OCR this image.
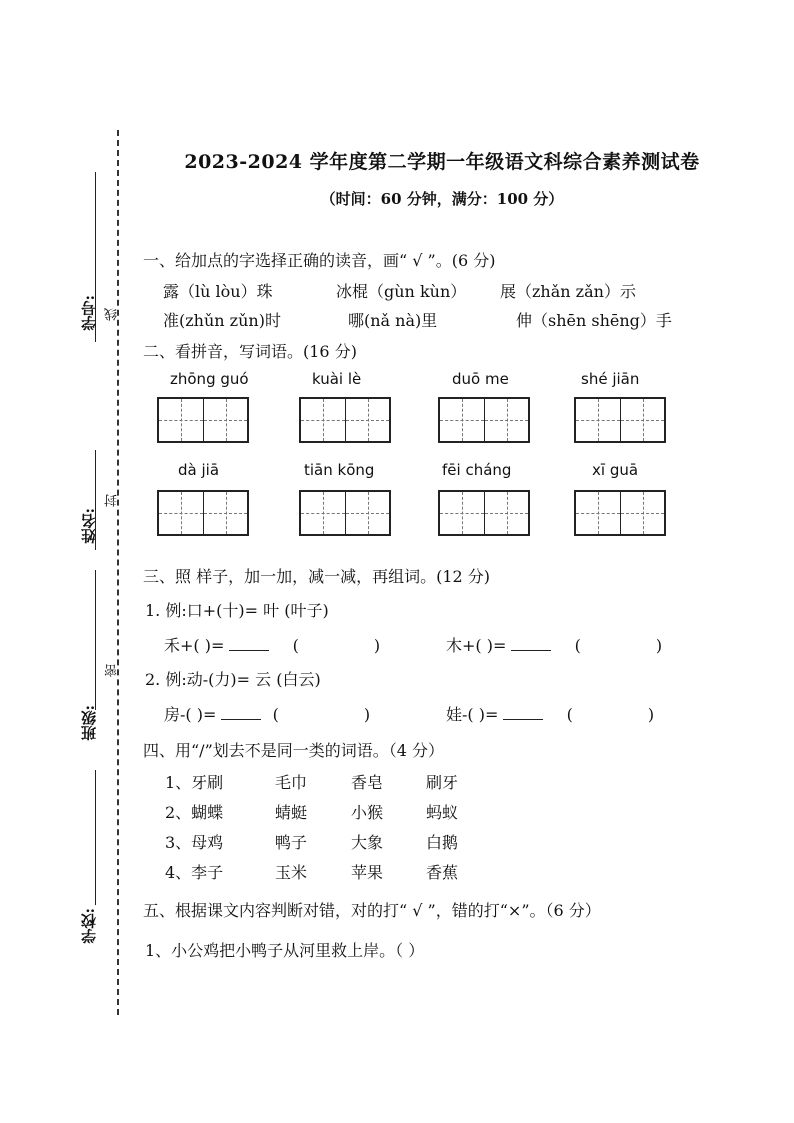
学号: 线
姓名:
封
班级:
密
学校:
2023-2024 学年度第二学期一年级语文科综合素养测试卷
（时间：60 分钟，满分：100 分）
一、给加点的字选择正确的读音，画“ √ ”。(6 分)
露（lù lòu）珠	冰棍（gùn kùn） 展（zhǎn zǎn）示
准(zhǔn zǔn)时	哪(nǎ nà)里	伸（shēn shēng）手
二、看拼音，写词语。(16 分)
zhōng guó	kuài lè	duō me	shé jiān
dà jiā	tiān kōng	fēi cháng	xī guā
三、照 样子，加一加，减一减，再组词。(12 分)
1. 例:口+(十)= 叶 (叶子)
禾+( )=	(	)	木+( )=	(	)
2. 例:动-(力)= 云 (白云)
房-( )=	(	)	娃-( )=	(	)
四、用“/”划去不是同一类的词语。（4 分）
1、牙刷	毛巾	香皂	刷牙
2、蝴蝶	蜻蜓	小猴	蚂蚁
3、母鸡	鸭子	大象	白鹅
4、李子	玉米	苹果	香蕉
五、根据课文内容判断对错，对的打“ √ ”，错的打“×”。（6 分）
1、小公鸡把小鸭子从河里救上岸。（ ）
